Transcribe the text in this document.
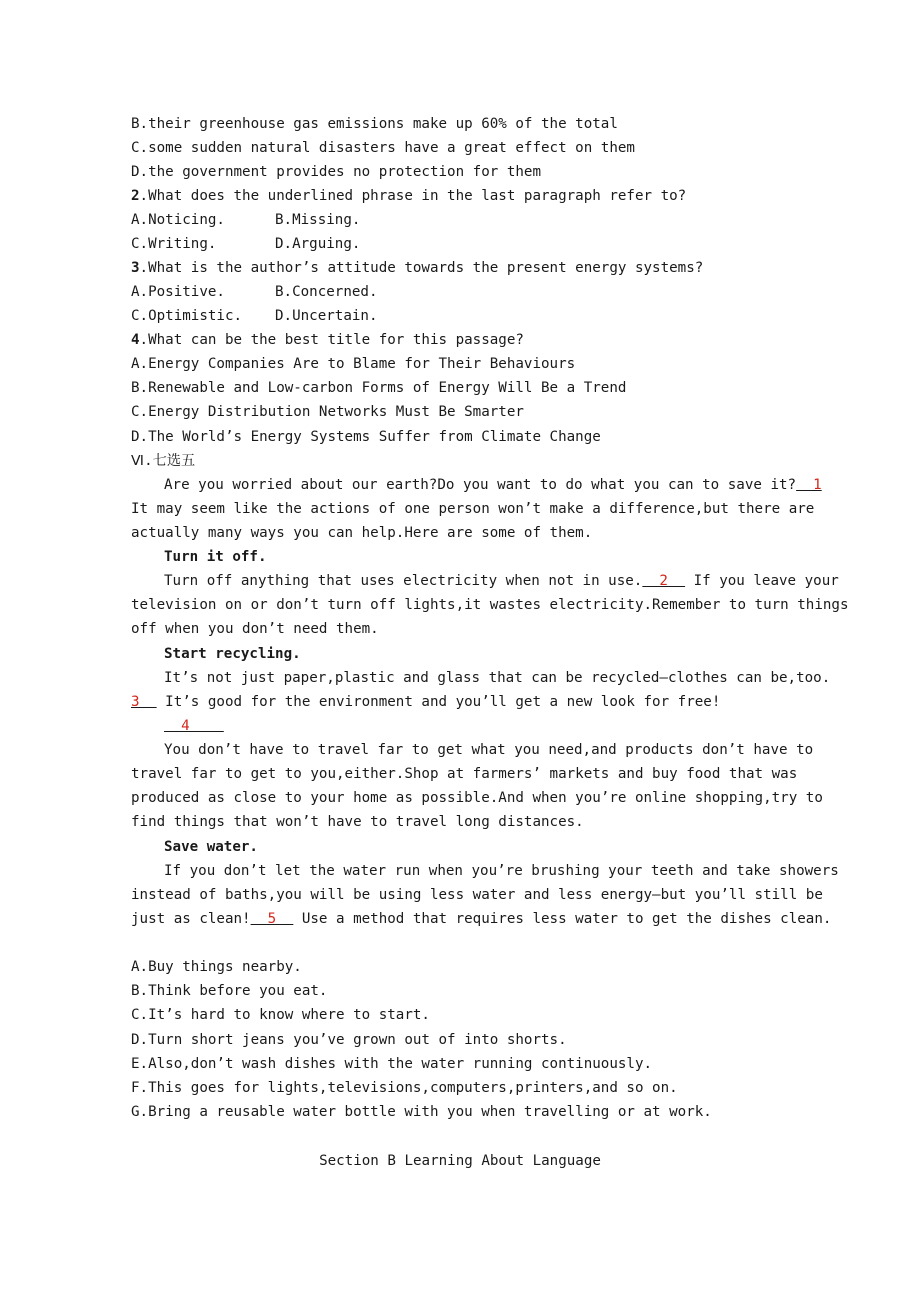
B.their greenhouse gas emissions make up 60% of the total
C.some sudden natural disasters have a great effect on them
D.the government provides no protection for them
2.What does the underlined phrase in the last paragraph refer to?
A.Noticing.	B.Missing.
C.Writing.	D.Arguing.
3.What is the author’s attitude towards the present energy systems?
A.Positive.	B.Concerned.
C.Optimistic. D.Uncertain.
4.What can be the best title for this passage?
A.Energy Companies Are to Blame for Their Behaviours
B.Renewable and Low-carbon Forms of Energy Will Be a Trend
C.Energy Distribution Networks Must Be Smarter
D.The World’s Energy Systems Suffer from Climate Change
Ⅵ.七选五
Are you worried about our earth?Do you want to do what you can to save it?  1
It may seem like the actions of one person won’t make a difference,but there are
actually many ways you can help.Here are some of them.
Turn it off.
Turn off anything that uses electricity when not in use.  2   If you leave your
television on or don’t turn off lights,it wastes electricity.Remember to turn things
off when you don’t need them.
Start recycling.
It’s not just paper,plastic and glass that can be recycled—clothes can be,too.
3   It’s good for the environment and you’ll get a new look for free!
4
You don’t have to travel far to get what you need,and products don’t have to
travel far to get to you,either.Shop at farmers’ markets and buy food that was
produced as close to your home as possible.And when you’re online shopping,try to
find things that won’t have to travel long distances.
Save water.
If you don’t let the water run when you’re brushing your teeth and take showers
instead of baths,you will be using less water and less energy—but you’ll still be
just as clean!  5   Use a method that requires less water to get the dishes clean.
A.Buy things nearby.
B.Think before you eat.
C.It’s hard to know where to start.
D.Turn short jeans you’ve grown out of into shorts.
E.Also,don’t wash dishes with the water running continuously.
F.This goes for lights,televisions,computers,printers,and so on.
G.Bring a reusable water bottle with you when travelling or at work.
Section B Learning About Language
